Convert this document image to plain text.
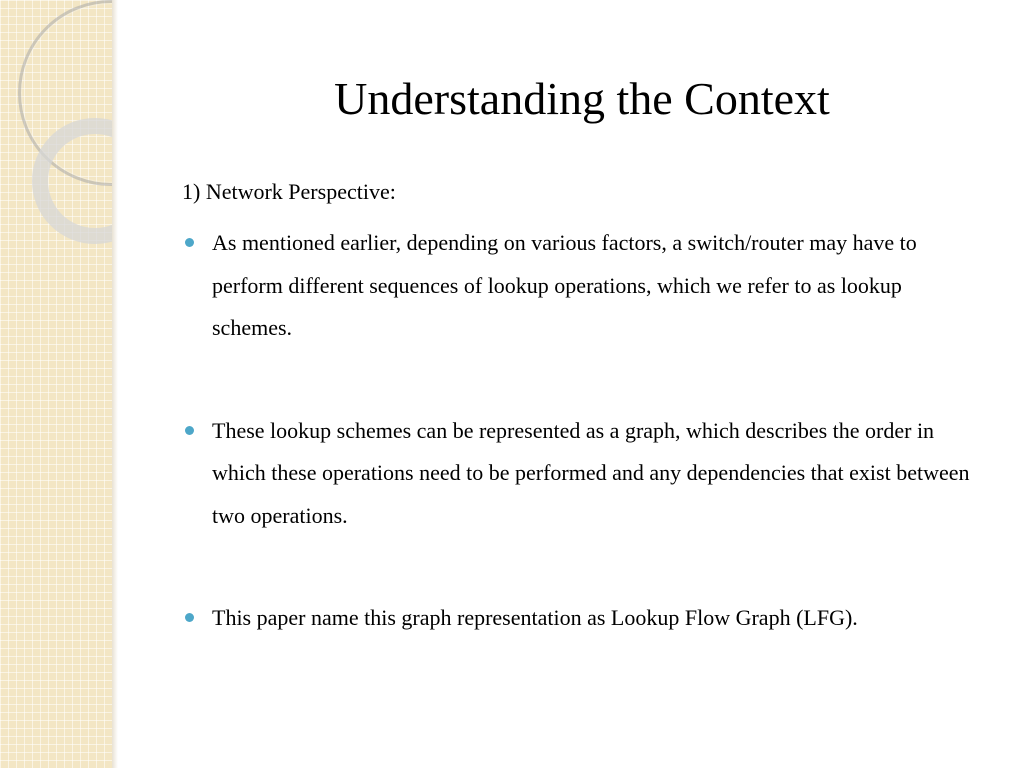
Understanding the Context

1) Network Perspective:

As mentioned earlier, depending on various factors, a switch/router may have to perform different sequences of lookup operations, which we refer to as lookup schemes.
These lookup schemes can be represented as a graph, which describes the order in which these operations need to be performed and any dependencies that exist between two operations.
This paper name this graph representation as Lookup Flow Graph (LFG).
